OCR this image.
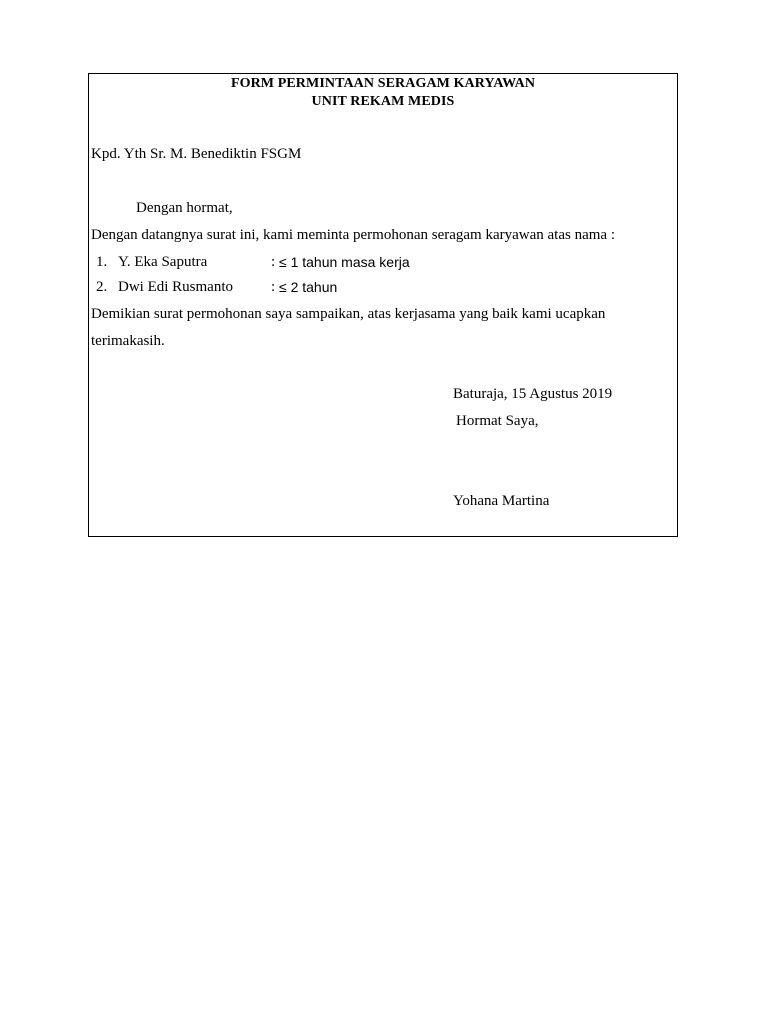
FORM PERMINTAAN SERAGAM KARYAWAN
UNIT REKAM MEDIS
Kpd. Yth Sr. M. Benediktin FSGM
Dengan hormat,
Dengan datangnya surat ini, kami meminta permohonan seragam karyawan atas nama :
1. Y. Eka Saputra	: ≤ 1 tahun masa kerja
2. Dwi Edi Rusmanto	: ≤ 2 tahun
Demikian surat permohonan saya sampaikan, atas kerjasama yang baik kami ucapkan
terimakasih.
Baturaja, 15 Agustus 2019
Hormat Saya,
Yohana Martina
